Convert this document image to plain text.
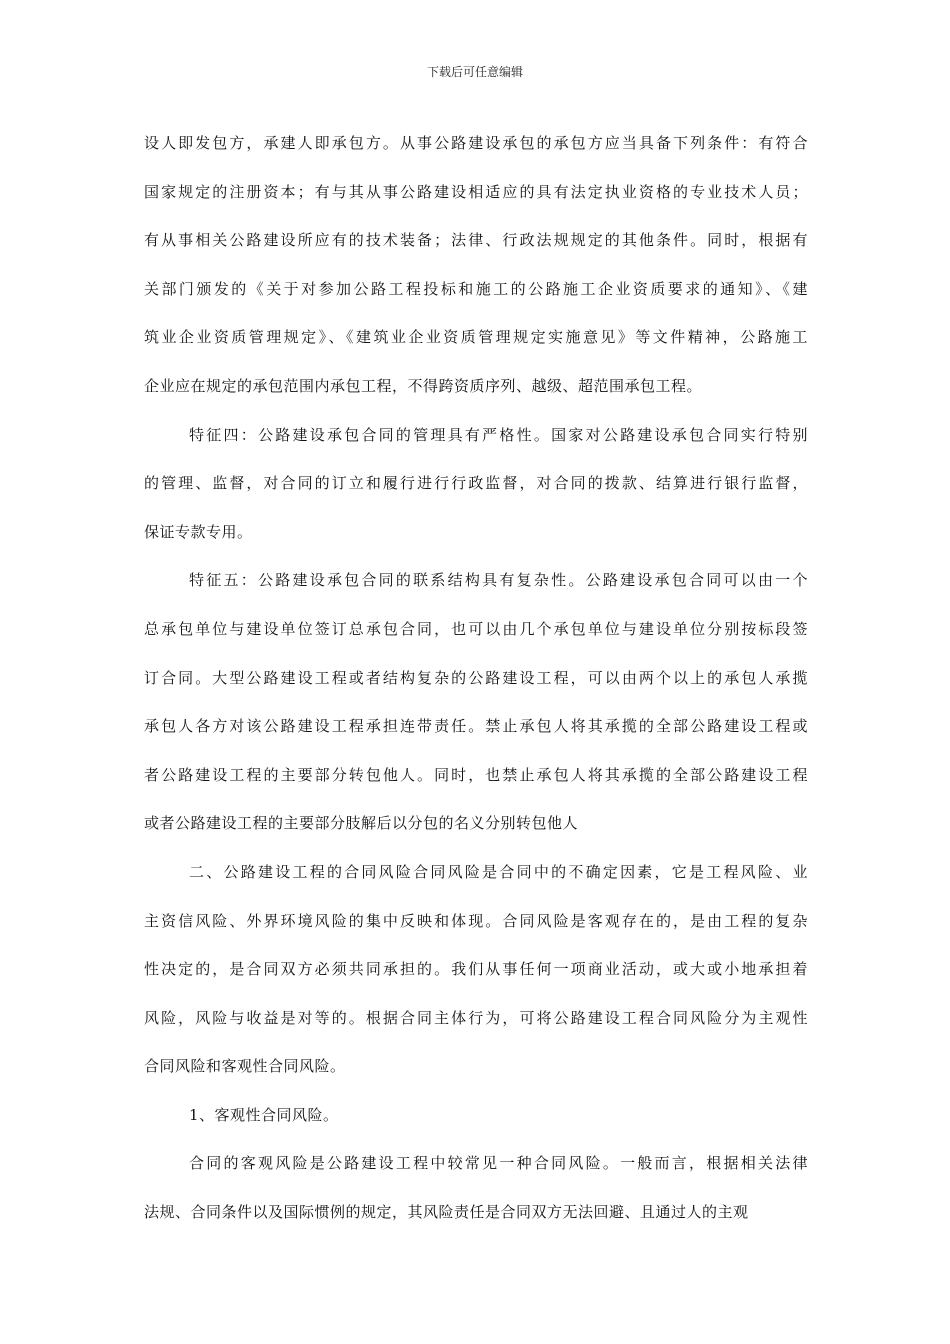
下载后可任意编辑
设人即发包方，承建人即承包方。从事公路建设承包的承包方应当具备下列条件：有符合
国家规定的注册资本；有与其从事公路建设相适应的具有法定执业资格的专业技术人员；
有从事相关公路建设所应有的技术装备；法律、行政法规规定的其他条件。同时，根据有
关部门颁发的《关于对参加公路工程投标和施工的公路施工企业资质要求的通知》、《建
筑业企业资质管理规定》、《建筑业企业资质管理规定实施意见》等文件精神，公路施工
企业应在规定的承包范围内承包工程，不得跨资质序列、越级、超范围承包工程。
特征四：公路建设承包合同的管理具有严格性。国家对公路建设承包合同实行特别
的管理、监督，对合同的订立和履行进行行政监督，对合同的拨款、结算进行银行监督，
保证专款专用。
特征五：公路建设承包合同的联系结构具有复杂性。公路建设承包合同可以由一个
总承包单位与建设单位签订总承包合同，也可以由几个承包单位与建设单位分别按标段签
订合同。大型公路建设工程或者结构复杂的公路建设工程，可以由两个以上的承包人承揽
承包人各方对该公路建设工程承担连带责任。禁止承包人将其承揽的全部公路建设工程或
者公路建设工程的主要部分转包他人。同时，也禁止承包人将其承揽的全部公路建设工程
或者公路建设工程的主要部分肢解后以分包的名义分别转包他人
二、公路建设工程的合同风险合同风险是合同中的不确定因素，它是工程风险、业
主资信风险、外界环境风险的集中反映和体现。合同风险是客观存在的，是由工程的复杂
性决定的，是合同双方必须共同承担的。我们从事任何一项商业活动，或大或小地承担着
风险，风险与收益是对等的。根据合同主体行为，可将公路建设工程合同风险分为主观性
合同风险和客观性合同风险。
1、客观性合同风险。
合同的客观风险是公路建设工程中较常见一种合同风险。一般而言，根据相关法律
法规、合同条件以及国际惯例的规定，其风险责任是合同双方无法回避、且通过人的主观
